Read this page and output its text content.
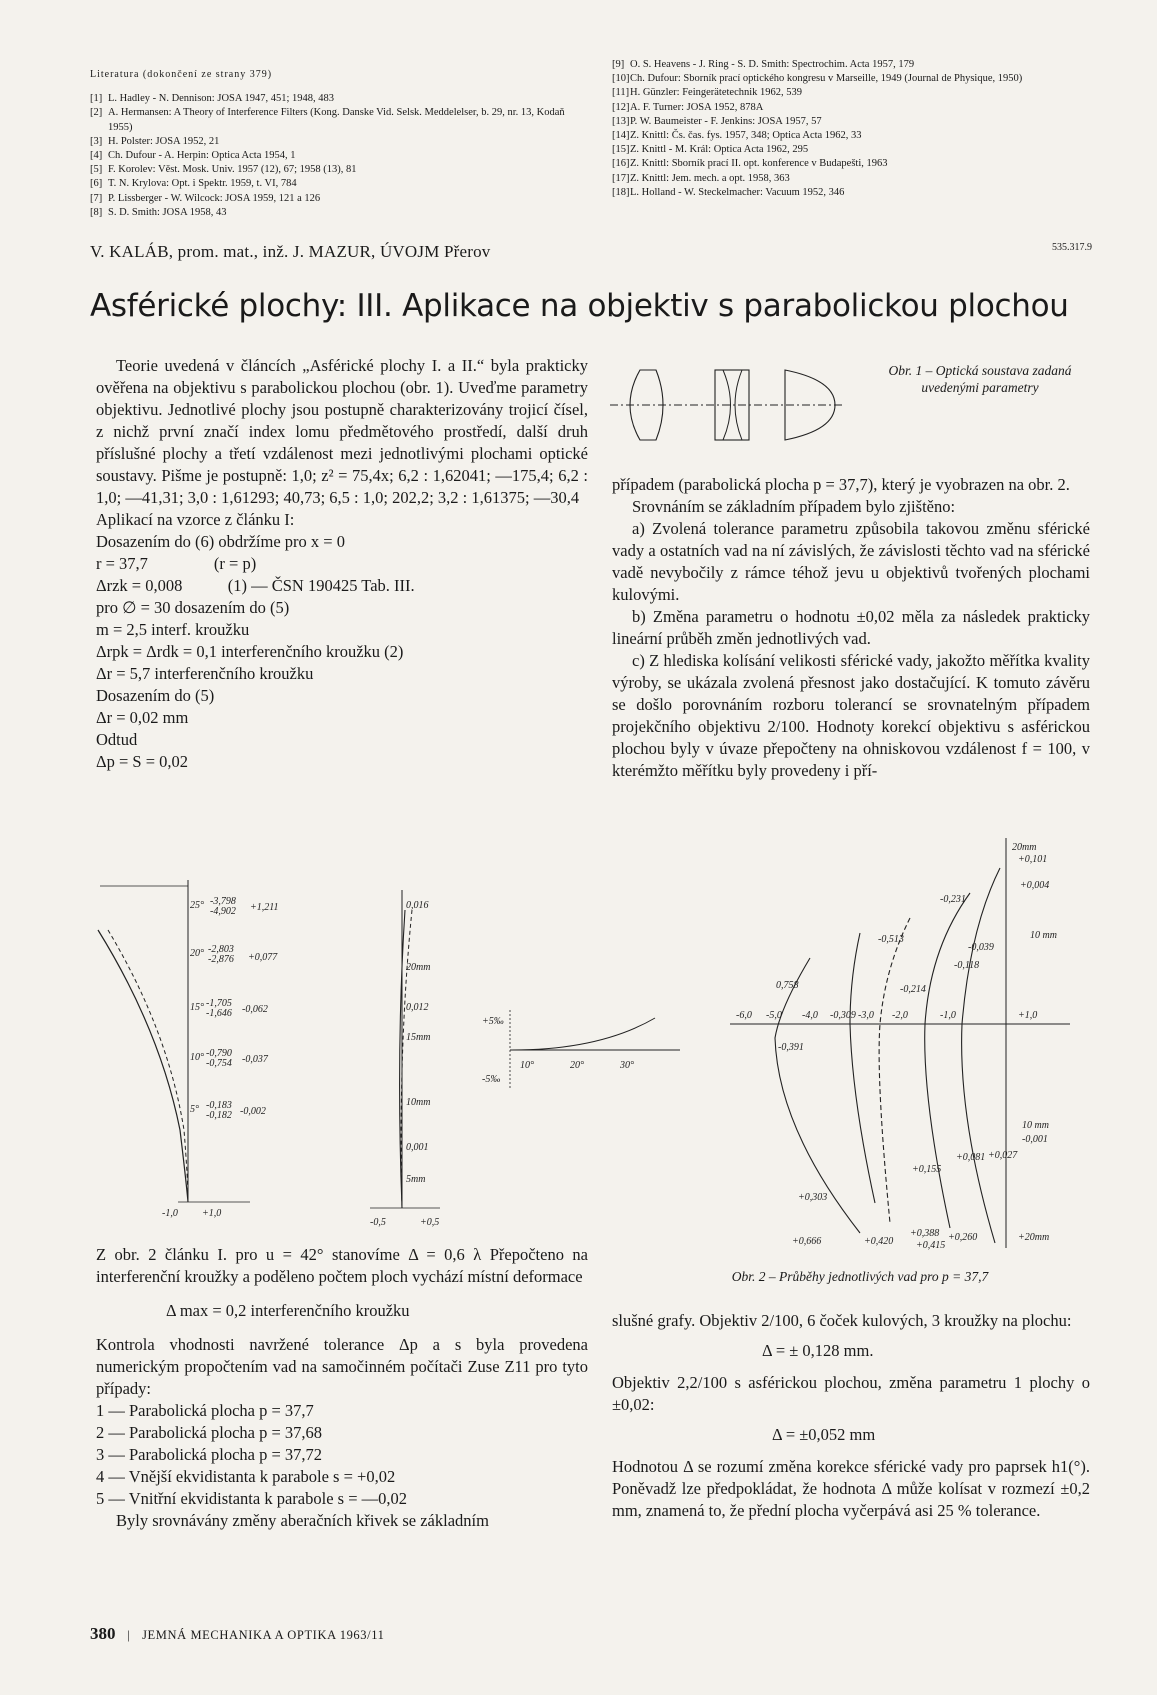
Literatura (dokončení ze strany 379)
[1] L. Hadley - N. Dennison: JOSA 1947, 451; 1948, 483
[2] A. Hermansen: A Theory of Interference Filters (Kong. Danske Vid. Selsk. Meddelelser, b. 29, nr. 13, Kodaň 1955)
[3] H. Polster: JOSA 1952, 21
[4] Ch. Dufour - A. Herpin: Optica Acta 1954, 1
[5] F. Korolev: Věst. Mosk. Univ. 1957 (12), 67; 1958 (13), 81
[6] T. N. Krylova: Opt. i Spektr. 1959, t. VI, 784
[7] P. Lissberger - W. Wilcock: JOSA 1959, 121 a 126
[8] S. D. Smith: JOSA 1958, 43
[9] O. S. Heavens - J. Ring - S. D. Smith: Spectrochim. Acta 1957, 179
[10] Ch. Dufour: Sborník prací optického kongresu v Marseille, 1949 (Journal de Physique, 1950)
[11] H. Günzler: Feingerätetechnik 1962, 539
[12] A. F. Turner: JOSA 1952, 878A
[13] P. W. Baumeister - F. Jenkins: JOSA 1957, 57
[14] Z. Knittl: Čs. čas. fys. 1957, 348; Optica Acta 1962, 33
[15] Z. Knittl - M. Král: Optica Acta 1962, 295
[16] Z. Knittl: Sborník prací II. opt. konference v Budapešti, 1963
[17] Z. Knittl: Jem. mech. a opt. 1958, 363
[18] L. Holland - W. Steckelmacher: Vacuum 1952, 346
V. KALÁB, prom. mat., inž. J. MAZUR, ÚVOJM Přerov	535.317.9
Asférické plochy: III. Aplikace na objektiv s parabolickou plochou

Teorie uvedená v článcích „Asférické plochy I. a II.“ byla prakticky ověřena na objektivu s parabolickou plochou (obr. 1). Uveďme parametry objektivu. Jednotlivé plochy jsou postupně charakterizovány trojicí čísel, z nichž první značí index lomu předmětového prostředí, další druh příslušné plochy a třetí vzdálenost mezi jednotlivými plochami optické soustavy. Pišme je postupně: 1,0; z² = 75,4x; 6,2 : 1,62041; —175,4; 6,2 : 1,0; —41,31; 3,0 : 1,61293; 40,73; 6,5 : 1,0; 202,2; 3,2 : 1,61375; —30,4

Aplikací na vzorce z článku I:

Dosazením do (6) obdržíme pro x = 0

r = 37,7                (r = p)

Δrzk = 0,008           (1) — ČSN 190425 Tab. III.

pro ∅ = 30 dosazením do (5)

m = 2,5 interf. kroužku

Δrpk = Δrdk = 0,1 interferenčního kroužku (2)

Δr = 5,7 interferenčního kroužku

Dosazením do (5)

Δr = 0,02 mm

Odtud

Δp = S = 0,02

25° -3,798
-4,902 +1,211
20° -2,803
-2,876 +0,077
15° -1,705
-1,646 -0,062
10° -0,790
-0,754 -0,037
5° -0,183
-0,182 -0,002
-1,0 +1,0
0,016
20mm
0,012
15mm
10mm
0,001
5mm
-0,5	+0,5
+5‰
-5‰
10°	20°	30°

Z obr. 2 článku I. pro u = 42° stanovíme Δ = 0,6 λ Přepočteno na interferenční kroužky a poděleno počtem ploch vychází místní deformace

Δ max = 0,2 interferenčního kroužku

Kontrola vhodnosti navržené tolerance Δp a s byla provedena numerickým propočtením vad na samočinném počítači Zuse Z11 pro tyto případy:

1 — Parabolická plocha p = 37,7

2 — Parabolická plocha p = 37,68

3 — Parabolická plocha p = 37,72

4 — Vnější ekvidistanta k parabole s = +0,02

5 — Vnitřní ekvidistanta k parabole s = —0,02

Byly srovnávány změny aberačních křivek se základním

Obr. 1 – Optická soustava zadaná uvedenými parametry

případem (parabolická plocha p = 37,7), který je vyobrazen na obr. 2.

Srovnáním se základním případem bylo zjištěno:

a) Zvolená tolerance parametru způsobila takovou změnu sférické vady a ostatních vad na ní závislých, že závislosti těchto vad na sférické vadě nevybočily z rámce téhož jevu u objektivů tvořených plochami kulovými.

b) Změna parametru o hodnotu ±0,02 měla za následek prakticky lineární průběh změn jednotlivých vad.

c) Z hlediska kolísání velikosti sférické vady, jakožto měřítka kvality výroby, se ukázala zvolená přesnost jako dostačující. K tomuto závěru se došlo porovnáním rozboru tolerancí se srovnatelným případem projekčního objektivu 2/100. Hodnoty korekcí objektivu s asférickou plochou byly v úvaze přepočteny na ohniskovou vzdálenost f = 100, v kterémžto měřítku byly provedeny i pří-

20mm
+0,101
+0,004
-0,231
10 mm
-0,513
-0,039
-0,118
0,758	-0,214
-6,0 -5,0 -4,0 -0,309 -3,0 -2,0	-1,0	+1,0
-0,391
10 mm
-0,001
+0,081 +0,027
+0,155
+0,303
+0,666	+0,420
+0,388
+0,415
+0,260	+20mm
Obr. 2 – Průběhy jednotlivých vad pro p = 37,7

slušné grafy. Objektiv 2/100, 6 čoček kulových, 3 kroužky na plochu:

Δ = ± 0,128 mm.

Objektiv 2,2/100 s asférickou plochou, změna parametru 1 plochy o ±0,02:

Δ = ±0,052 mm

Hodnotou Δ se rozumí změna korekce sférické vady pro paprsek h1(°). Poněvadž lze předpokládat, že hodnota Δ může kolísat v rozmezí ±0,2 mm, znamená to, že přední plocha vyčerpává asi 25 % tolerance.

380 | JEMNÁ MECHANIKA A OPTIKA 1963/11
